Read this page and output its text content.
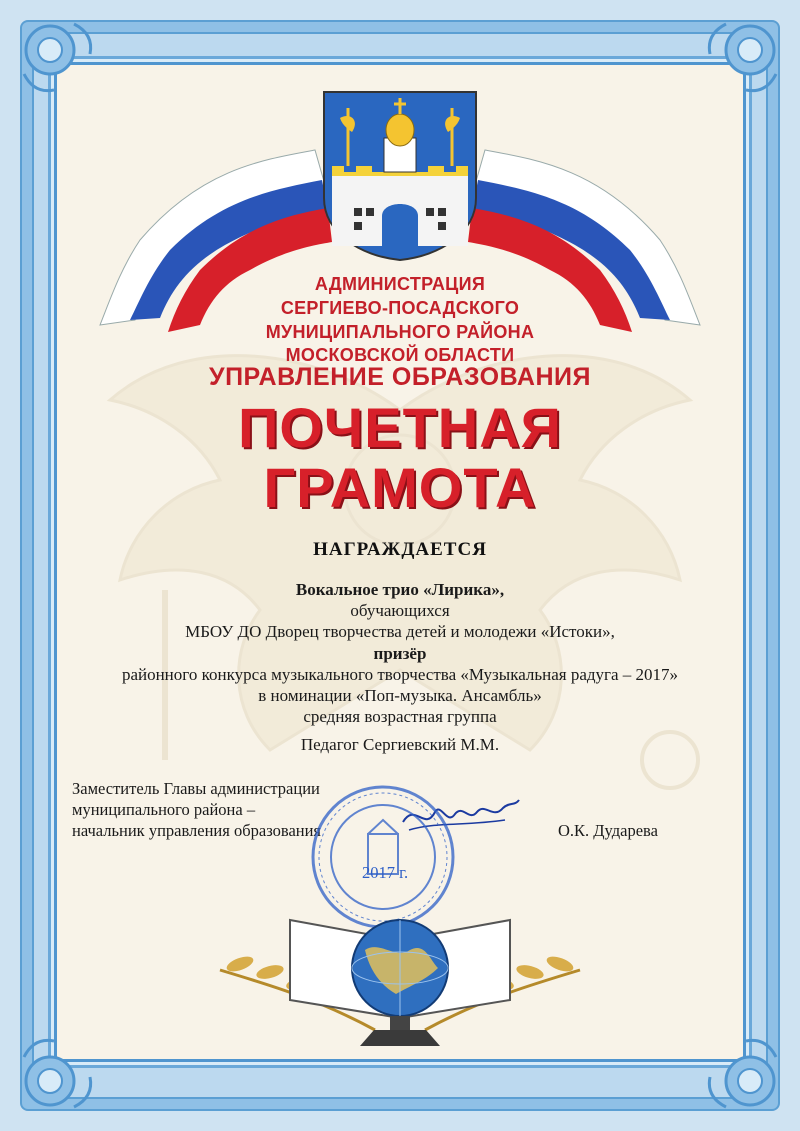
АДМИНИСТРАЦИЯ
СЕРГИЕВО-ПОСАДСКОГО
МУНИЦИПАЛЬНОГО РАЙОНА
МОСКОВСКОЙ ОБЛАСТИ
УПРАВЛЕНИЕ ОБРАЗОВАНИЯ
ПОЧЕТНАЯ
ГРАМОТА
НАГРАЖДАЕТСЯ
Вокальное трио «Лирика»,
обучающихся
МБОУ ДО Дворец творчества детей и молодежи «Истоки»,
призёр
районного конкурса музыкального творчества «Музыкальная радуга – 2017»
в номинации «Поп-музыка. Ансамбль»
средняя возрастная группа
Педагог Сергиевский М.М.
Заместитель Главы администрации
муниципального района –
начальник управления образования	О.К. Дударева
2017 г.
